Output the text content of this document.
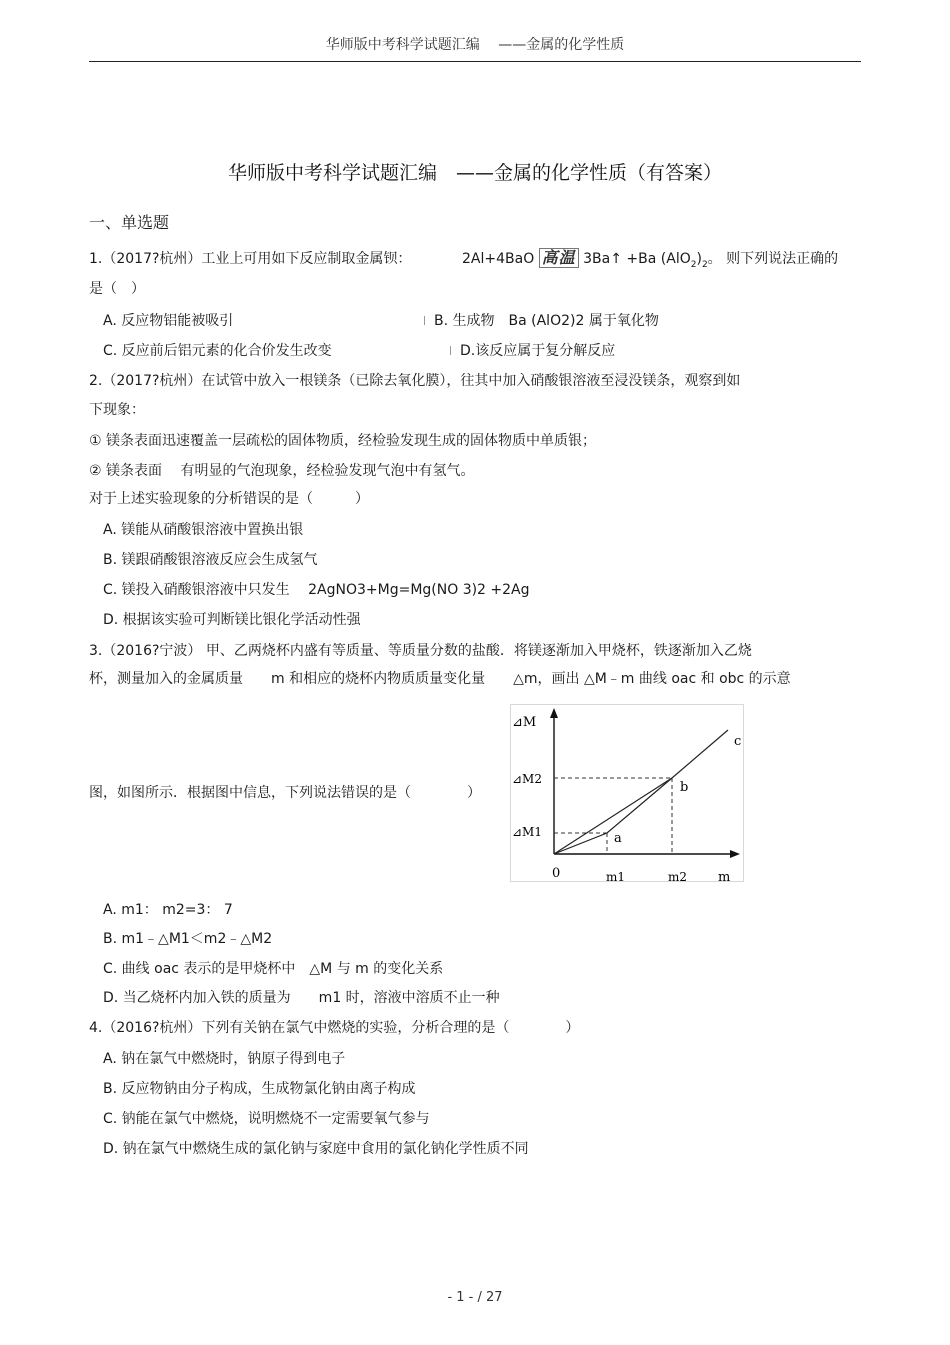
华师版中考科学试题汇编　 ——金属的化学性质
华师版中考科学试题汇编　——金属的化学性质（有答案）
一、单选题
1.（2017?杭州）工业上可用如下反应制取金属钡：	2Al+4BaO 高温 3Ba↑ +Ba $(AlO_2)_2$。 则下列说法正确的
是（　）
A. 反应物铝能被吸引	B. 生成物　Ba (AlO2)2 属于氧化物
C. 反应前后铝元素的化合价发生改变	D.该反应属于复分解反应
2.（2017?杭州）在试管中放入一根镁条（已除去氧化膜），往其中加入硝酸银溶液至浸没镁条，观察到如
下现象：
① 镁条表面迅速覆盖一层疏松的固体物质，经检验发现生成的固体物质中单质银；
② 镁条表面　 有明显的气泡现象，经检验发现气泡中有氢气。
对于上述实验现象的分析错误的是（　　　）
A. 镁能从硝酸银溶液中置换出银
B. 镁跟硝酸银溶液反应会生成氢气
C. 镁投入硝酸银溶液中只发生　 2AgNO3+Mg=Mg(NO 3)2 +2Ag
D. 根据该实验可判断镁比银化学活动性强
3.（2016?宁波） 甲、乙两烧杯内盛有等质量、等质量分数的盐酸．将镁逐渐加入甲烧杯，铁逐渐加入乙烧
杯，测量加入的金属质量　　m 和相应的烧杯内物质质量变化量　　△m，画出 △M﹣m 曲线 oac 和 obc 的示意
图，如图所示．根据图中信息，下列说法错误的是（　　　　）
⊿M
⊿M2
⊿M1
0	m1	m2 m
a
b
c
A. m1： m2=3： 7
B. m1﹣△M1＜m2﹣△M2
C. 曲线 oac 表示的是甲烧杯中　△M 与 m 的变化关系
D. 当乙烧杯内加入铁的质量为　　m1 时，溶液中溶质不止一种
4.（2016?杭州）下列有关钠在氯气中燃烧的实验，分析合理的是（　　　　）
A. 钠在氯气中燃烧时，钠原子得到电子
B. 反应物钠由分子构成，生成物氯化钠由离子构成
C. 钠能在氯气中燃烧，说明燃烧不一定需要氧气参与
D. 钠在氯气中燃烧生成的氯化钠与家庭中食用的氯化钠化学性质不同
- 1 - / 27
